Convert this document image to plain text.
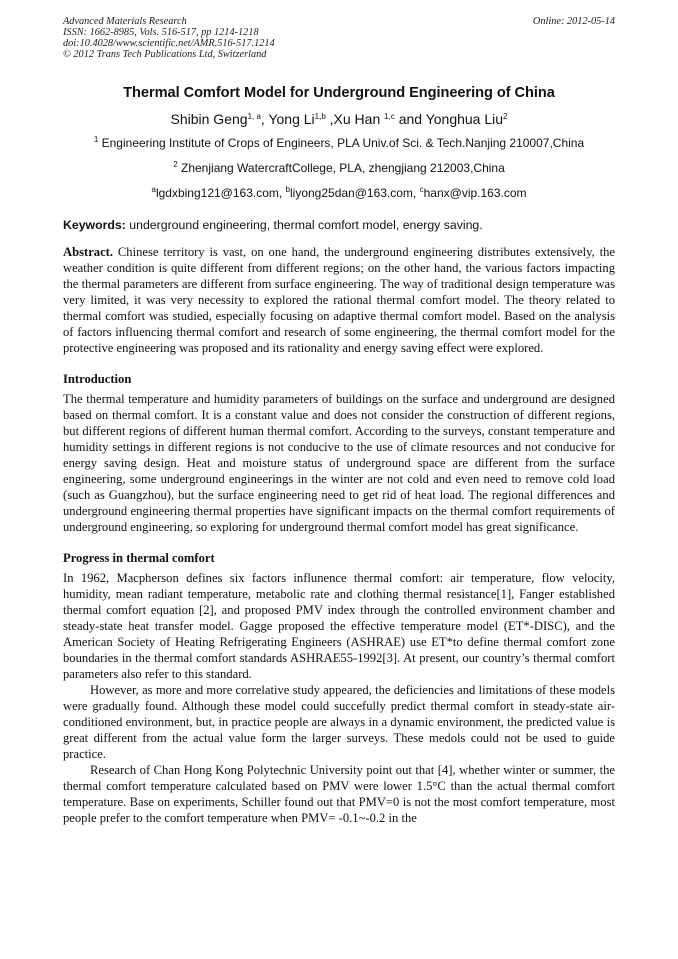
Advanced Materials Research
ISSN: 1662-8985, Vols. 516-517, pp 1214-1218
doi:10.4028/www.scientific.net/AMR.516-517.1214
© 2012 Trans Tech Publications Ltd, Switzerland
Online: 2012-05-14
Thermal Comfort Model for Underground Engineering of China
Shibin Geng$^{1, a}$, Yong Li$^{1,b}$ ,Xu Han $^{1,c}$ and Yonghua Liu$^2$
$^1$ Engineering Institute of Crops of Engineers, PLA Univ.of Sci. & Tech.Nanjing 210007,China
$^2$ Zhenjiang WatercraftCollege, PLA, zhengjiang 212003,China
$^a$lgdxbing121@163.com, $^b$liyong25dan@163.com, $^c$hanx@vip.163.com
Keywords: underground engineering, thermal comfort model, energy saving.

Abstract. Chinese territory is vast, on one hand, the underground engineering distributes extensively, the weather condition is quite different from different regions; on the other hand, the various factors impacting the thermal parameters are different from surface engineering. The way of traditional design temperature was very limited, it was very necessity to explored the rational thermal comfort model. The theory related to thermal comfort was studied, especially focusing on adaptive thermal comfort model. Based on the analysis of factors influencing thermal comfort and research of some engineering, the thermal comfort model for the protective engineering was proposed and its rationality and energy saving effect were explored.

Introduction

The thermal temperature and humidity parameters of buildings on the surface and underground are designed based on thermal comfort. It is a constant value and does not consider the construction of different regions, but different regions of different human thermal comfort. According to the surveys, constant temperature and humidity settings in different regions is not conducive to the use of climate resources and not conducive for energy saving design. Heat and moisture status of underground space are different from the surface engineering, some underground engineerings in the winter are not cold and even need to remove cold load (such as Guangzhou), but the surface engineering need to get rid of heat load. The regional differences and underground engineering thermal properties have significant impacts on the thermal comfort requirements of underground engineering, so exploring for underground thermal comfort model has great significance.

Progress in thermal comfort

In 1962, Macpherson defines six factors influnence thermal comfort: air temperature, flow velocity, humidity, mean radiant temperature, metabolic rate and clothing thermal resistance[1], Fanger established thermal comfort equation [2], and proposed PMV index through the controlled environment chamber and steady-state heat transfer model. Gagge proposed the effective temperature model (ET*-DISC), and the American Society of Heating Refrigerating Engineers (ASHRAE) use ET*to define thermal comfort zone boundaries in the thermal comfort standards ASHRAE55-1992[3]. At present, our country’s thermal comfort parameters also refer to this standard.

However, as more and more correlative study appeared, the deficiencies and limitations of these models were gradually found. Although these model could succefully predict thermal comfort in steady-state air-conditioned environment, but, in practice people are always in a dynamic environment, the predicted value is great different from the actual value form the larger surveys. These medols could not be used to guide practice.

Research of Chan Hong Kong Polytechnic University point out that [4], whether winter or summer, the thermal comfort temperature calculated based on PMV were lower 1.5°C than the actual thermal comfort temperature. Base on experiments, Schiller found out that PMV=0 is not the most comfort temperature, most people prefer to the comfort temperature when PMV= -0.1~-0.2 in the
